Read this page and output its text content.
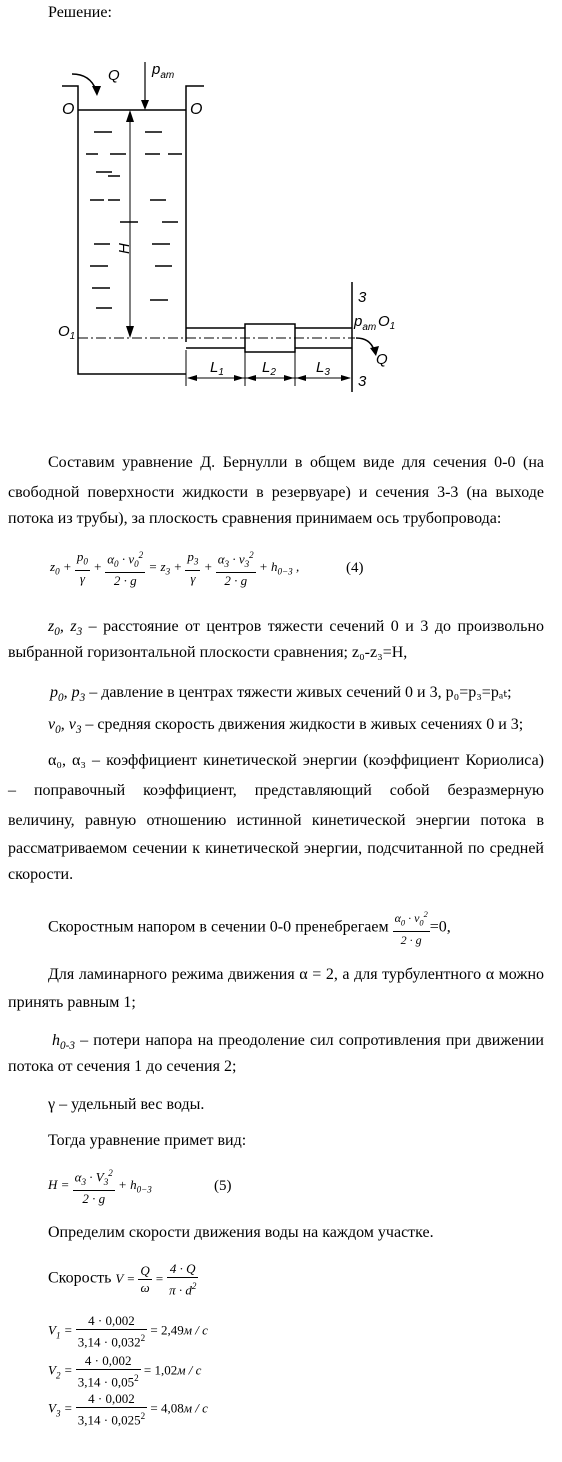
Решение:
Q $p_{ат}$
O	O
H
$O_1$
3
3
$p_{ат}$ $O_1$
Q
$L_1$	$L_2$	$L_3$
Составим уравнение Д. Бернулли в общем виде для сечения 0-0 (на
свободной поверхности жидкости в резервуаре) и сечения 3-3 (на выходе
потока из трубы), за плоскость сравнения принимаем ось трубопровода:
$z_0 + \frac{p_0}{\gamma} + \frac{\alpha_0 \cdot v_0^2}{2 \cdot g} = z_3 + \frac{p_3}{\gamma} + \frac{\alpha_3 \cdot v_3^2}{2 \cdot g} + h_{0-3}$ ,	(4)
$z_0$, $z_3$ – расстояние от центров тяжести сечений 0 и 3 до произвольно
выбранной горизонтальной плоскости сравнения; z₀-z₃=H,
$p_0$, $p_3$ – давление в центрах тяжести живых сечений 0 и 3, p₀=p₃=pₐₜ;
$v_0$, $v_3$ – средняя скорость движения жидкости в живых сечениях 0 и 3;
α₀, α₃ – коэффициент кинетической энергии (коэффициент Кориолиса)
– поправочный коэффициент, представляющий собой безразмерную
величину, равную отношению истинной кинетической энергии потока в
рассматриваемом сечении к кинетической энергии, подсчитанной по средней
скорости.
Скоростным напором в сечении 0-0 пренебрегаем $\frac{\alpha_0 \cdot v_0^2}{2 \cdot g} =0$,
Для ламинарного режима движения α = 2, а для турбулентного α можно
принять равным 1;
$h_{0-3}$ – потери напора на преодоление сил сопротивления при движении
потока от сечения 1 до сечения 2;
γ – удельный вес воды.
Тогда уравнение примет вид:
$H = \frac{\alpha_3 \cdot V_3^2}{2 \cdot g} + h_{0-3}$	(5)
Определим скорости движения воды на каждом участке.
Скорость $V = \frac{Q}{\omega} = \frac{4 \cdot Q}{\pi \cdot d^2}$
$V_1 = \frac{4 \cdot 0,002}{3,14 \cdot 0,032^2} = 2,49м / с$
$V_2 = \frac{4 \cdot 0,002}{3,14 \cdot 0,05^2} = 1,02м / с$
$V_3 = \frac{4 \cdot 0,002}{3,14 \cdot 0,025^2} = 4,08м / с$
